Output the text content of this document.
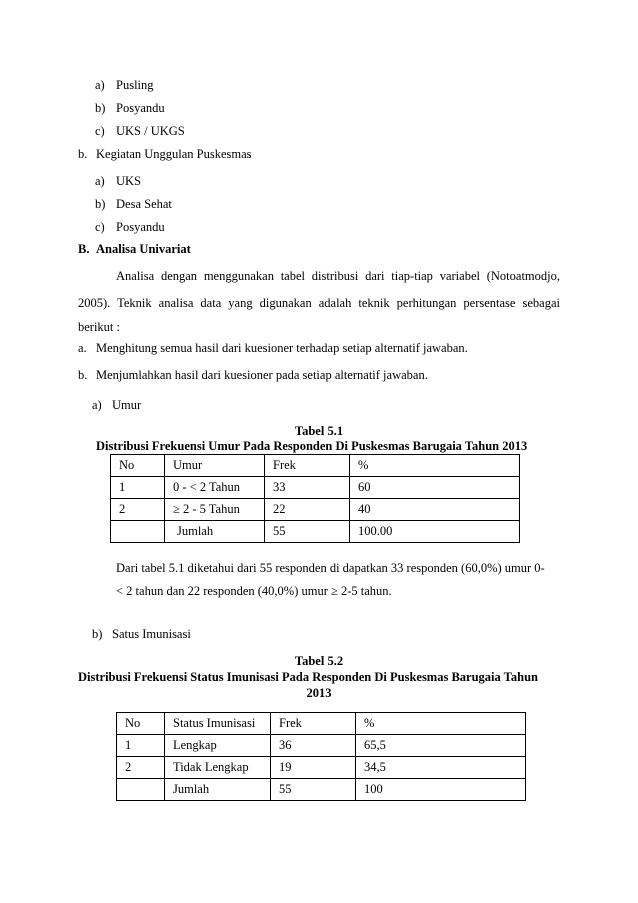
a) Pusling
b) Posyandu
c) UKS / UKGS
b. Kegiatan Unggulan Puskesmas
a) UKS
b) Desa Sehat
c) Posyandu
B. Analisa Univariat
Analisa dengan menggunakan tabel distribusi dari tiap-tiap variabel (Notoatmodjo,
2005). Teknik analisa data yang digunakan adalah teknik perhitungan persentase sebagai
berikut :
a. Menghitung semua hasil dari kuesioner terhadap setiap alternatif jawaban.
b. Menjumlahkan hasil dari kuesioner pada setiap alternatif jawaban.
a) Umur
Tabel 5.1
Distribusi Frekuensi Umur Pada Responden Di Puskesmas Barugaia Tahun 2013
No	Umur	Frek	%
1	0 - < 2 Tahun	33	60
2	≥ 2 - 5 Tahun	22	40
	Jumlah	55	100.00
Dari tabel 5.1 diketahui dari 55 responden di dapatkan 33 responden (60,0%) umur 0-
< 2 tahun dan 22 responden (40,0%) umur ≥ 2-5 tahun.
b) Satus Imunisasi
Tabel 5.2
Distribusi Frekuensi Status Imunisasi Pada Responden Di Puskesmas Barugaia Tahun
2013
No	Status Imunisasi	Frek	%
1	Lengkap	36	65,5
2	Tidak Lengkap	19	34,5
	Jumlah	55	100
